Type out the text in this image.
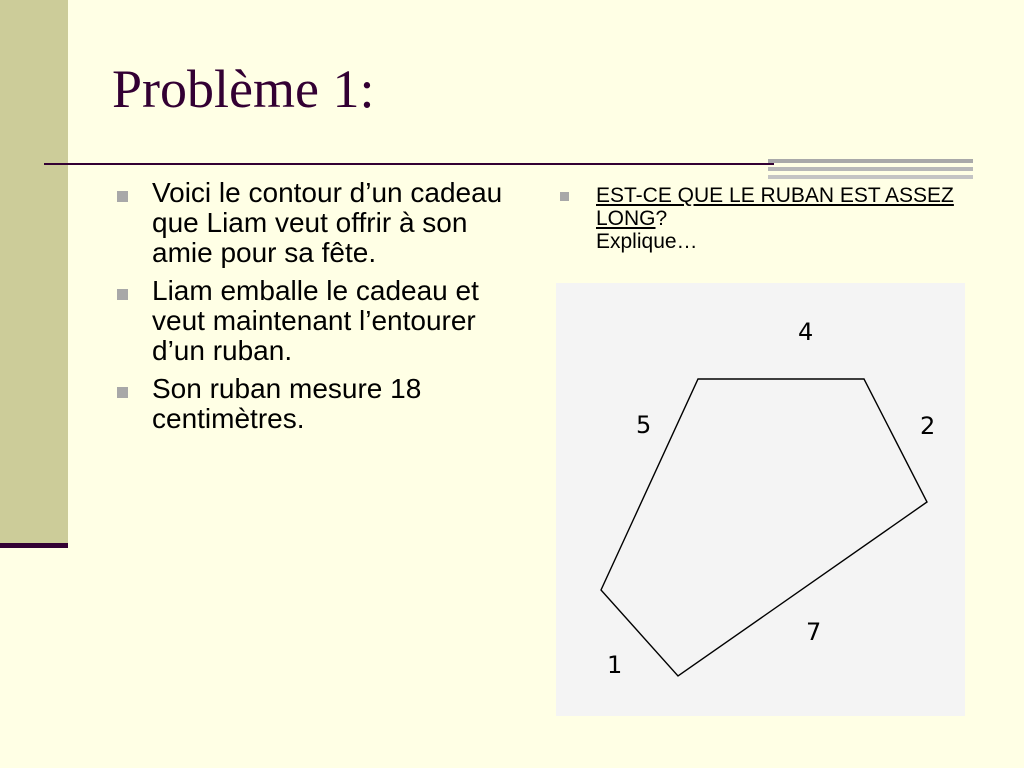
Problème 1:
Voici le contour d’un cadeau que Liam veut offrir à son amie pour sa fête.
Liam emballe le cadeau et veut maintenant l’entourer d’un ruban.
Son ruban mesure 18 centimètres.
EST-CE QUE LE RUBAN EST ASSEZ LONG?
Explique…
4
2
5
7
1
